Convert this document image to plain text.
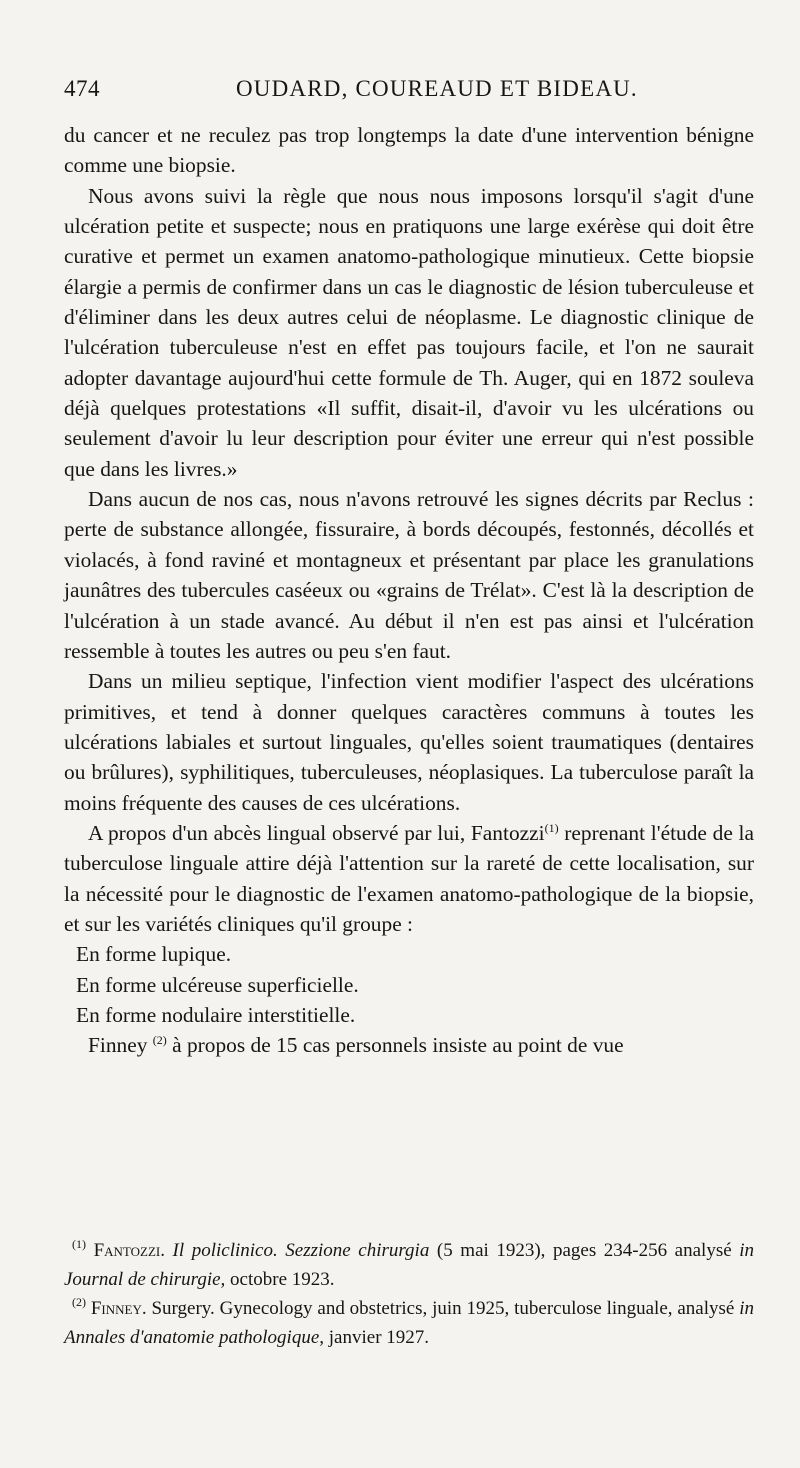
474	OUDARD, COUREAUD ET BIDEAU.

du cancer et ne reculez pas trop longtemps la date d'une intervention bénigne comme une biopsie.

Nous avons suivi la règle que nous nous imposons lorsqu'il s'agit d'une ulcération petite et suspecte; nous en pratiquons une large exérèse qui doit être curative et permet un examen anatomo-pathologique minutieux. Cette biopsie élargie a permis de confirmer dans un cas le diagnostic de lésion tuberculeuse et d'éliminer dans les deux autres celui de néoplasme. Le diagnostic clinique de l'ulcération tuberculeuse n'est en effet pas toujours facile, et l'on ne saurait adopter davantage aujourd'hui cette formule de Th. Auger, qui en 1872 souleva déjà quelques protestations «Il suffit, disait-il, d'avoir vu les ulcérations ou seulement d'avoir lu leur description pour éviter une erreur qui n'est possible que dans les livres.»

Dans aucun de nos cas, nous n'avons retrouvé les signes décrits par Reclus : perte de substance allongée, fissuraire, à bords découpés, festonnés, décollés et violacés, à fond raviné et montagneux et présentant par place les granulations jaunâtres des tubercules caséeux ou «grains de Trélat». C'est là la description de l'ulcération à un stade avancé. Au début il n'en est pas ainsi et l'ulcération ressemble à toutes les autres ou peu s'en faut.

Dans un milieu septique, l'infection vient modifier l'aspect des ulcérations primitives, et tend à donner quelques caractères communs à toutes les ulcérations labiales et surtout linguales, qu'elles soient traumatiques (dentaires ou brûlures), syphilitiques, tuberculeuses, néoplasiques. La tuberculose paraît la moins fréquente des causes de ces ulcérations.

A propos d'un abcès lingual observé par lui, Fantozzi$^{(1)}$ reprenant l'étude de la tuberculose linguale attire déjà l'attention sur la rareté de cette localisation, sur la nécessité pour le diagnostic de l'examen anatomo-pathologique de la biopsie, et sur les variétés cliniques qu'il groupe :

En forme lupique.

En forme ulcéreuse superficielle.

En forme nodulaire interstitielle.

Finney $^{(2)}$ à propos de 15 cas personnels insiste au point de vue

$^{(1)}$ Fantozzi. Il policlinico. Sezzione chirurgia (5 mai 1923), pages 234-256 analysé in Journal de chirurgie, octobre 1923.

$^{(2)}$ Finney. Surgery. Gynecology and obstetrics, juin 1925, tuberculose linguale, analysé in Annales d'anatomie pathologique, janvier 1927.
